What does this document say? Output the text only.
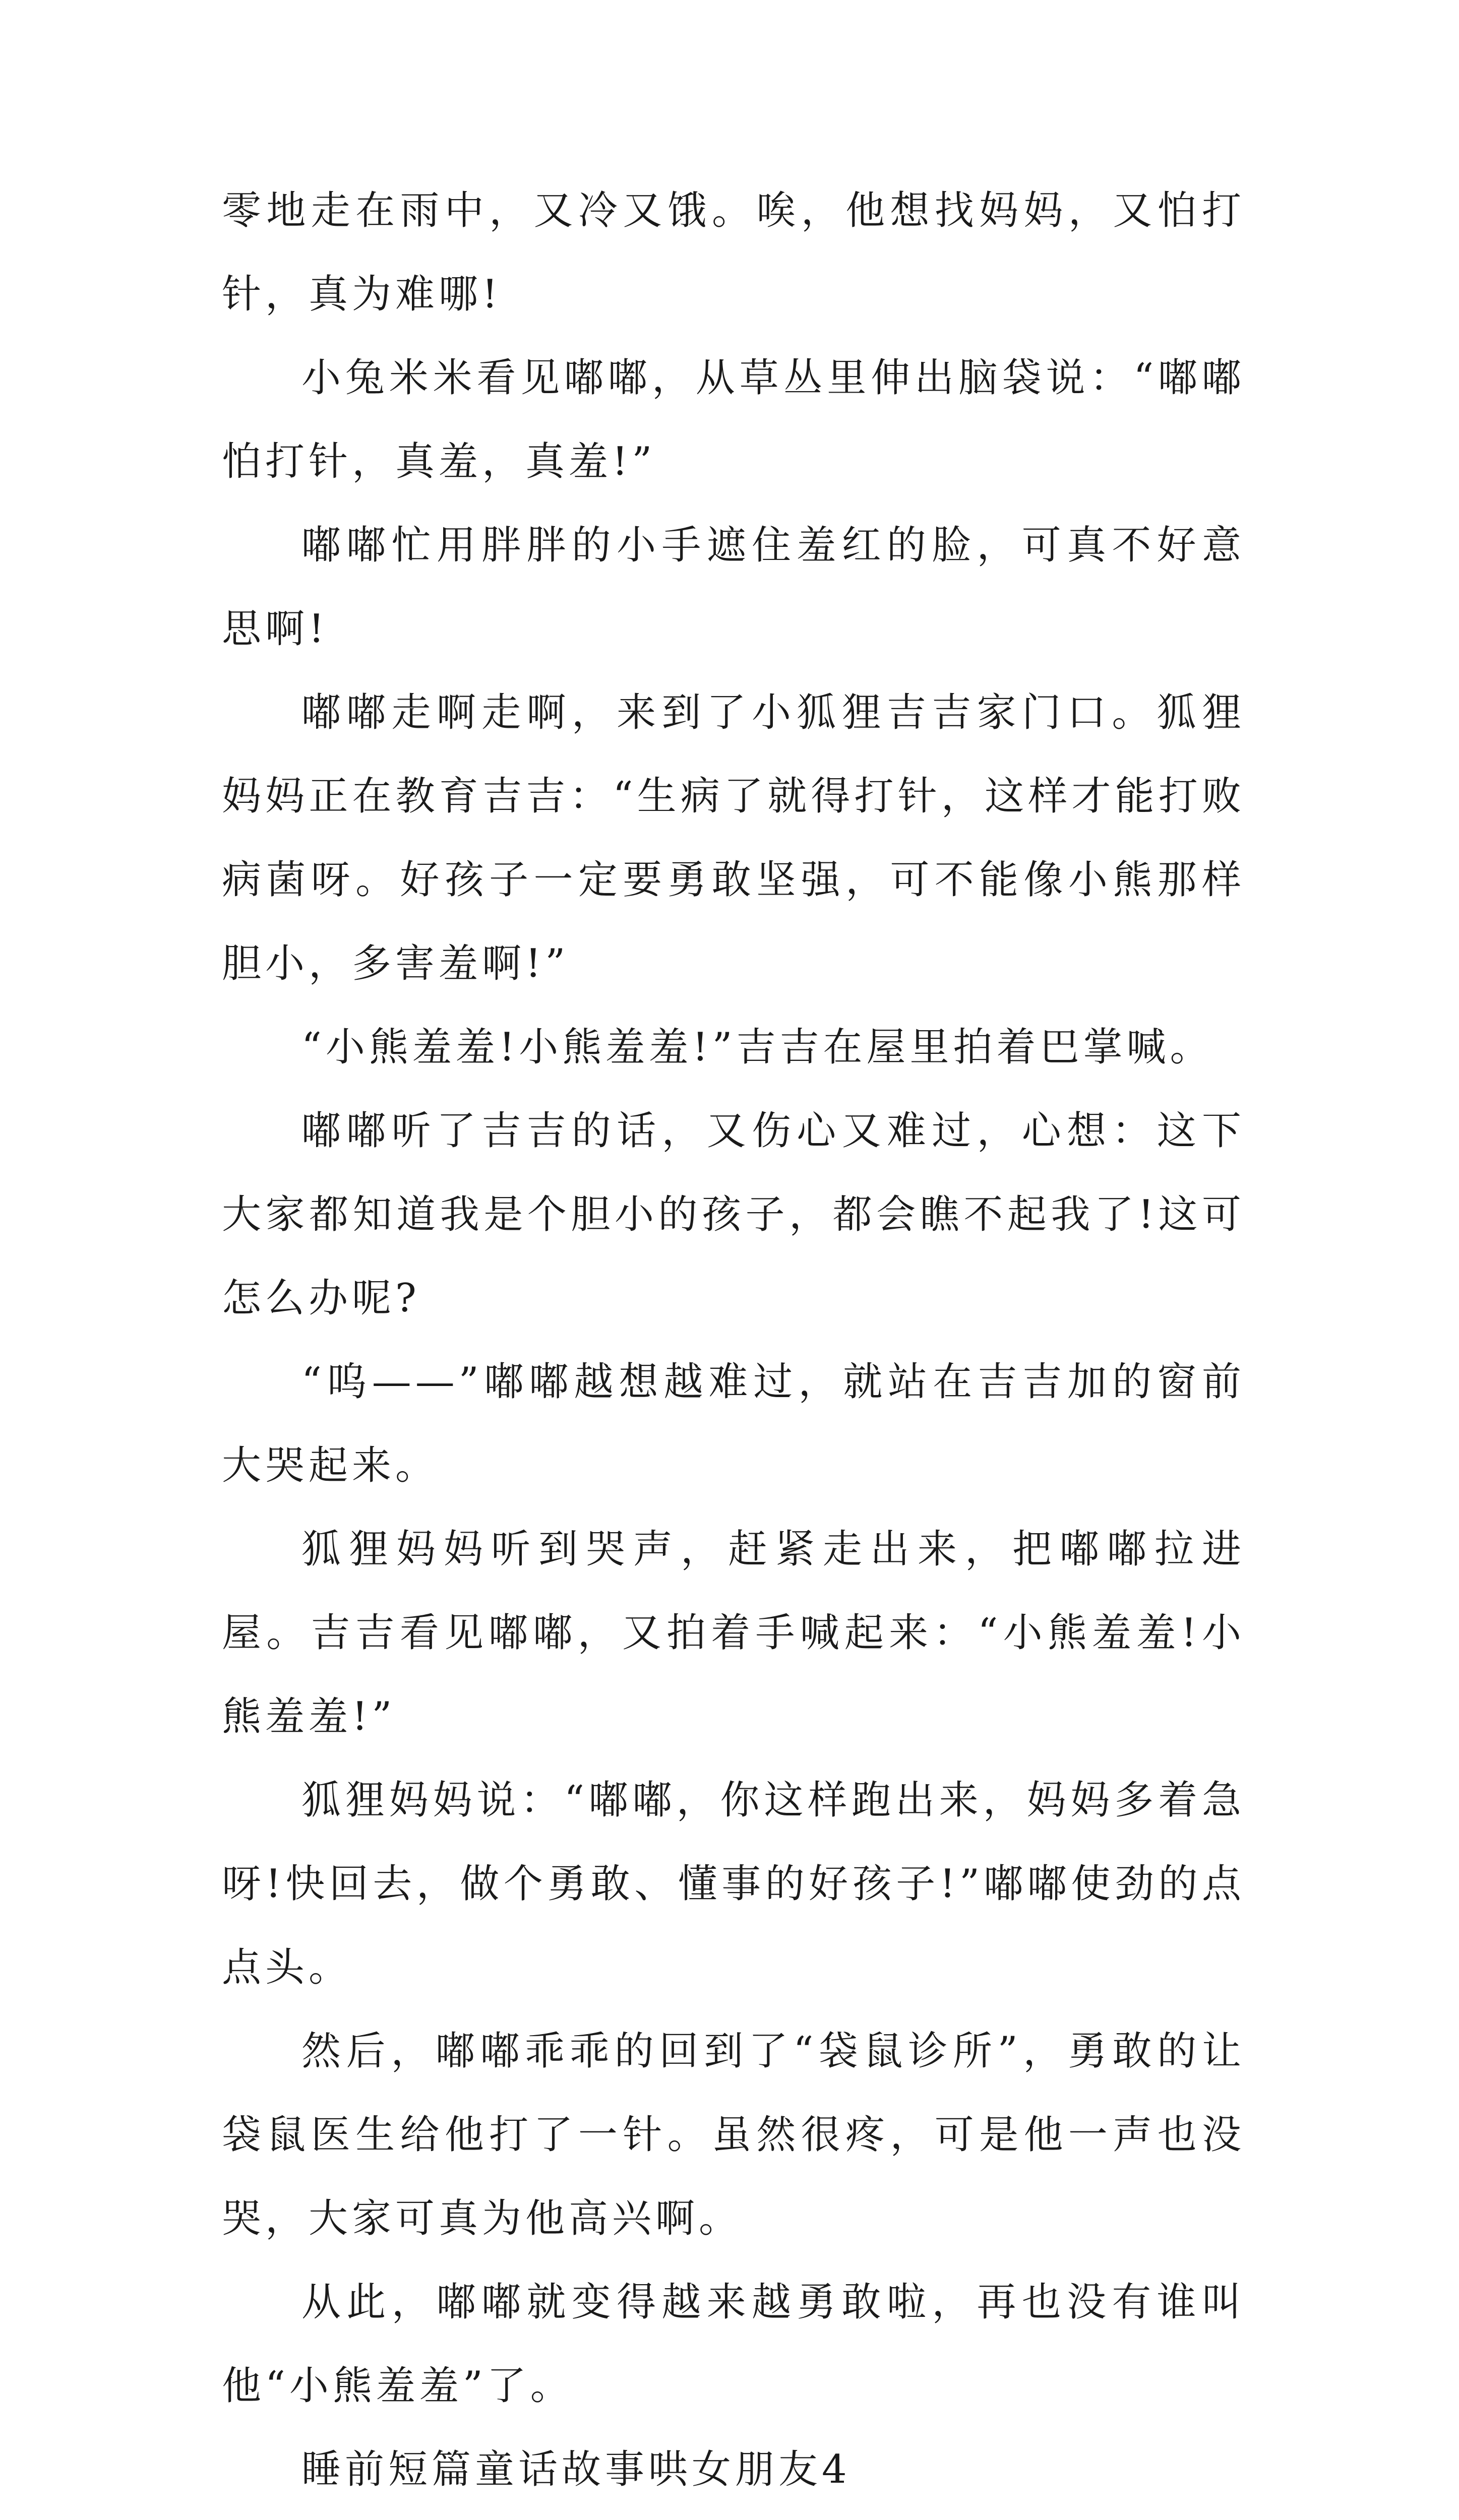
零地走在雨中，又冷又饿。唉，他想找妈妈，又怕打针，真为难哪!

小兔米米看见嘟嘟，从草丛里伸出脑袋说：“嘟嘟怕打针，真羞，真羞!”

嘟嘟忙用胖胖的小手遮住羞红的脸，可真不好意思啊!

嘟嘟走啊走啊，来到了小狐狸吉吉家门口。狐狸妈妈正在教育吉吉：“生病了就得打针，这样才能打败病菌呀。好孩子一定要勇敢坚强，可不能像小熊那样胆小，多害羞啊!”

“小熊羞羞!小熊羞羞!”吉吉在屋里拍着巴掌喊。

嘟嘟听了吉吉的话，又伤心又难过，心想：这下大家都知道我是个胆小的孩子，都会瞧不起我了!这可怎么办呢?

“呜——”嘟嘟越想越难过，就站在吉吉加的窗前大哭起来。

狐狸妈妈听到哭声，赶紧走出来，把嘟嘟拉进屋。吉吉看见嘟嘟，又拍着手喊起来：“小熊羞羞!小熊羞羞!”

狐狸妈妈说：“嘟嘟，你这样跑出来，妈妈多着急呀!快回去，做个勇敢、懂事的好孩子!”嘟嘟使劲的点点头。

然后，嘟嘟乖乖的回到了“袋鼠诊所”，勇敢的让袋鼠医生给他打了一针。虽然很疼，可是他一声也没哭，大家可真为他高兴啊。

从此，嘟嘟就变得越来越勇敢啦，再也没有谁叫他“小熊羞羞”了。

睡前短篇童话故事哄女朋友4
